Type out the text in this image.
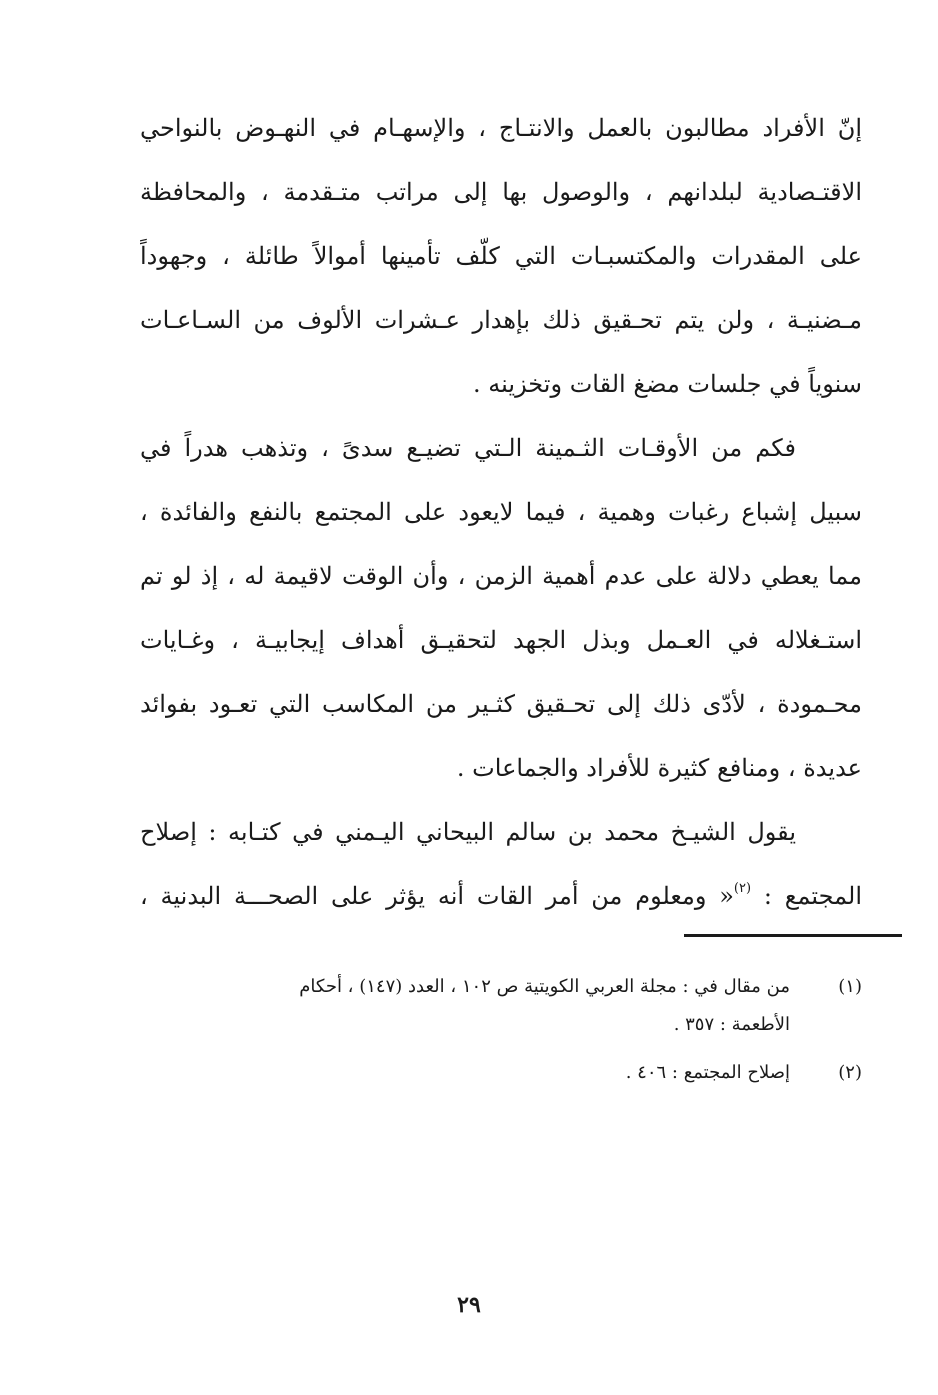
إنّ الأفراد مطالبون بالعمل والانتـاج ، والإسهـام في النهـوض بالنواحي
الاقتـصادية لبلدانهم ، والوصول بها إلى مراتب متـقدمة ، والمحافظة
على المقدرات والمكتسبـات التي كلّف تأمينها أموالاً طائلة ، وجهوداً
مـضنيـة ، ولن يتم تحـقيق ذلك بإهدار عـشرات الألوف من السـاعـات
سنوياً في جلسات مضغ القات وتخزينه .
فكم من الأوقـات الثـمينة الـتي تضيـع سدىً ، وتذهب هدراً في
سبيل إشباع رغبات وهمية ، فيما لايعود على المجتمع بالنفع والفائدة ،
مما يعطي دلالة على عدم أهمية الزمن ، وأن الوقت لاقيمة له ، إذ لو تم
استـغلاله في العـمل وبذل الجهد لتحقيـق أهداف إيجابيـة ، وغـايات
محـمودة ، لأدّى ذلك إلى تحـقيق كثـير من المكاسب التي تعـود بفوائد
عديدة ، ومنافع كثيرة للأفراد والجماعات .
يقول الشيـخ محمد بن سالم البيحاني اليـمني في كتـابه : إصلاح
المجتمع : $^{(٢)}$« ومعلوم من أمر القات أنه يؤثر على الصحـــة البدنية ،
(١)
من مقال في : مجلة العربي الكويتية ص ١٠٢ ، العدد (١٤٧) ، أحكام
الأطعمة : ٣٥٧ .
(٢)
إصلاح المجتمع : ٤٠٦ .
٢٩
